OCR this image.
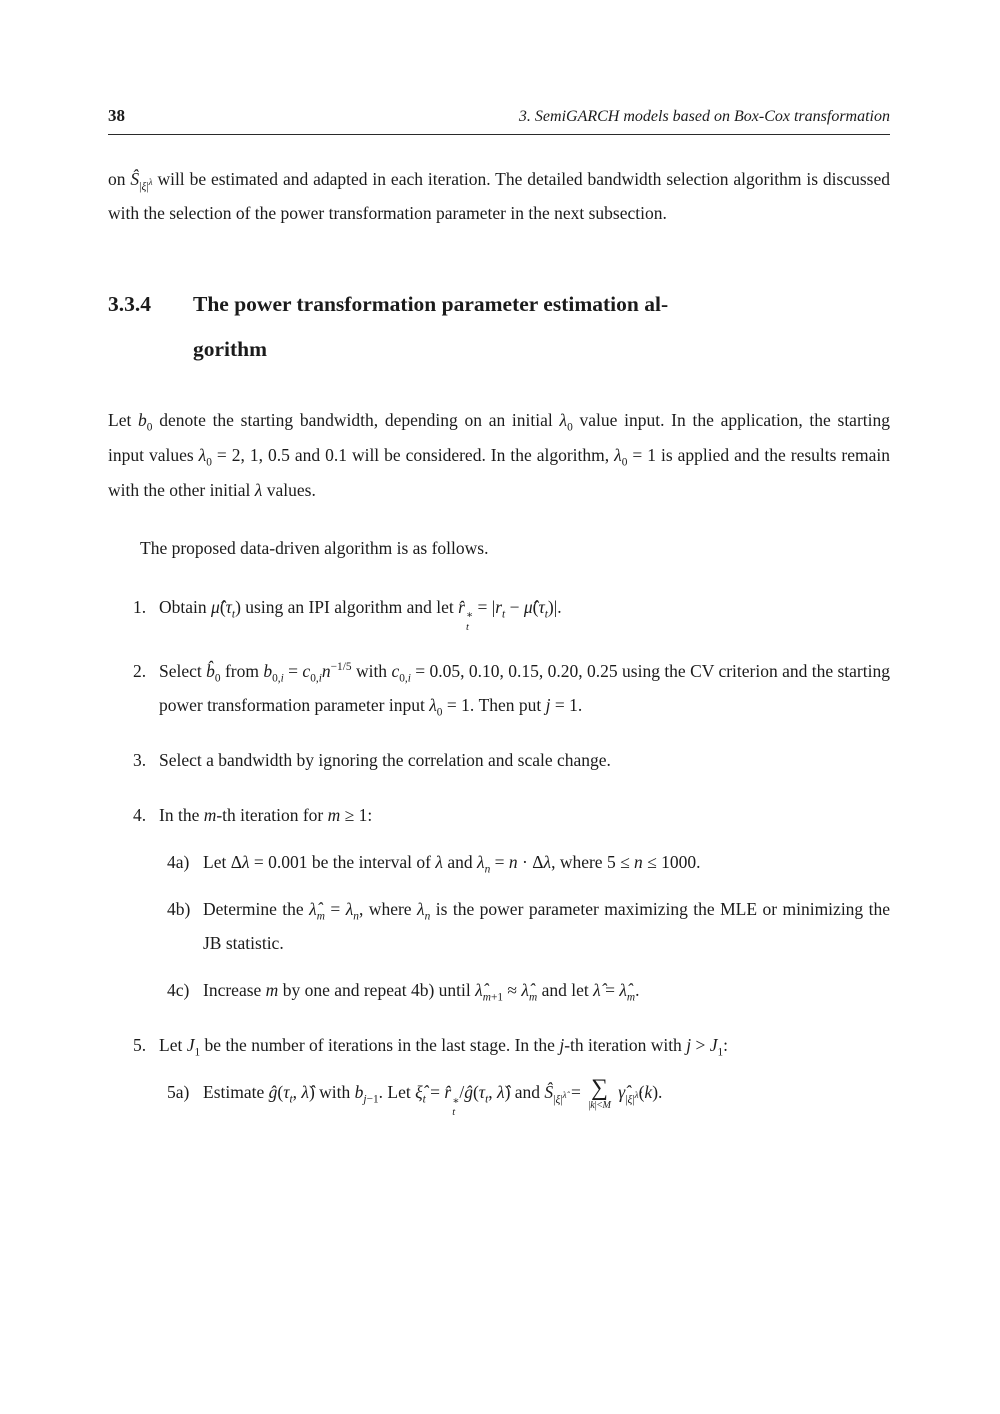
38	3. SemiGARCH models based on Box-Cox transformation
on $Ŝ_{|\xi|^\lambda}$ will be estimated and adapted in each iteration. The detailed bandwidth selection algorithm is discussed with the selection of the power transformation parameter in the next subsection.
3.3.4	The power transformation parameter estimation al-
gorithm
Let $b_0$ denote the starting bandwidth, depending on an initial $\lambda_0$ value input. In the application, the starting input values $\lambda_0 = 2$, 1, 0.5 and 0.1 will be considered. In the algorithm, $\lambda_0 = 1$ is applied and the results remain with the other initial λ values.
The proposed data-driven algorithm is as follows.
1. Obtain $\mû(\tau_t)$ using an IPI algorithm and let r̂ ∗
t
= $|r_t$ − $\mû(\tau_t)|$.
2. Select $b̂_0$ from $b_{0,i} = c_{0,i}n^{-1/5}$ with $c_{0,i} = 0.05$, 0.10, 0.15, 0.20, 0.25 using the CV criterion and the starting power transformation parameter input $\lambda_0 = 1$. Then put j = 1.
3. Select a bandwidth by ignoring the correlation and scale change.
4. In the m-th iteration for m ≥ 1:
4a) Let Δλ = 0.001 be the interval of λ and $\lambda_n = n \cdot \Delta\lambda$, where 5 ≤ n ≤ 1000.
4b) Determine the $\lambdâ_m = \lambda_n$, where $\lambda_n$ is the power parameter maximizing the MLE or minimizing the JB statistic.
4c) Increase m by one and repeat 4b) until $\lambdâ_{m+1}$ ≈ $\lambdâ_m$ and let λ̂ = $\lambdâ_m$.
5. Let $J_1$ be the number of iterations in the last stage. In the j-th iteration with $j > J_1$:
5a) Estimate $ĝ(\tau_t$, λ̂) with $b_{j-1}$. Let $\xî_t$ = r̂ ∗
t
$/ĝ(\tau_t$, λ̂) and $Ŝ_{|\xi|^{\lambdâ}}$ = ∑
|k|<M
$\gammâ_{|\xi|^{\lambdâ}}(k)$.
